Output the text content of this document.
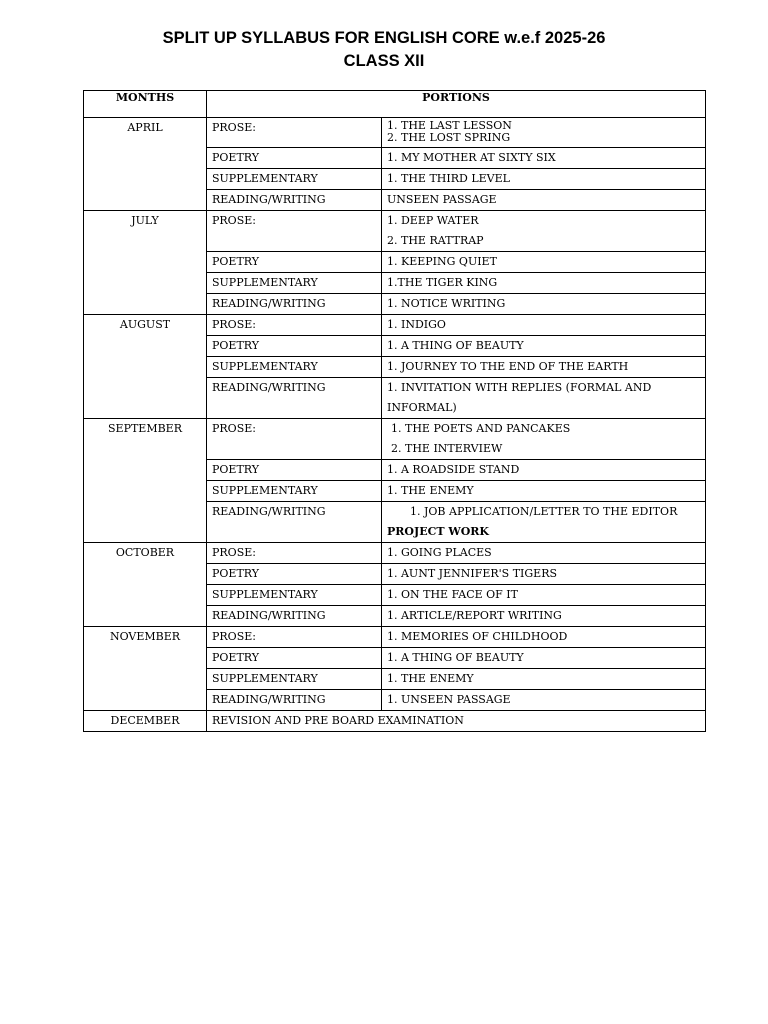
SPLIT UP SYLLABUS FOR ENGLISH CORE w.e.f 2025-26
CLASS XII
MONTHS	PORTIONS	
APRIL	PROSE:	1. THE LAST LESSON
2. THE LOST SPRING

	POETRY	1. MY MOTHER AT SIXTY SIX
	SUPPLEMENTARY	1. THE THIRD LEVEL
	READING/WRITING	UNSEEN PASSAGE
JULY	PROSE:	1. DEEP WATER
2. THE RATTRAP

	POETRY	1. KEEPING QUIET
	SUPPLEMENTARY	1.THE TIGER KING
	READING/WRITING	1. NOTICE WRITING
AUGUST	PROSE:	1. INDIGO
	POETRY	1. A THING OF BEAUTY
	SUPPLEMENTARY	1. JOURNEY TO THE END OF THE EARTH
	READING/WRITING	1. INVITATION WITH REPLIES (FORMAL AND
INFORMAL)

SEPTEMBER	PROSE:	1. THE POETS AND PANCAKES
2. THE INTERVIEW

	POETRY	1. A ROADSIDE STAND
	SUPPLEMENTARY	1. THE ENEMY
	READING/WRITING	1. JOB APPLICATION/LETTER TO THE EDITOR
PROJECT WORK

OCTOBER	PROSE:	1. GOING PLACES
	POETRY	1. AUNT JENNIFER'S TIGERS
	SUPPLEMENTARY	1. ON THE FACE OF IT
	READING/WRITING	1. ARTICLE/REPORT WRITING
NOVEMBER	PROSE:	1. MEMORIES OF CHILDHOOD
	POETRY	1. A THING OF BEAUTY
	SUPPLEMENTARY	1. THE ENEMY
	READING/WRITING	1. UNSEEN PASSAGE
DECEMBER	REVISION AND PRE BOARD EXAMINATION	
